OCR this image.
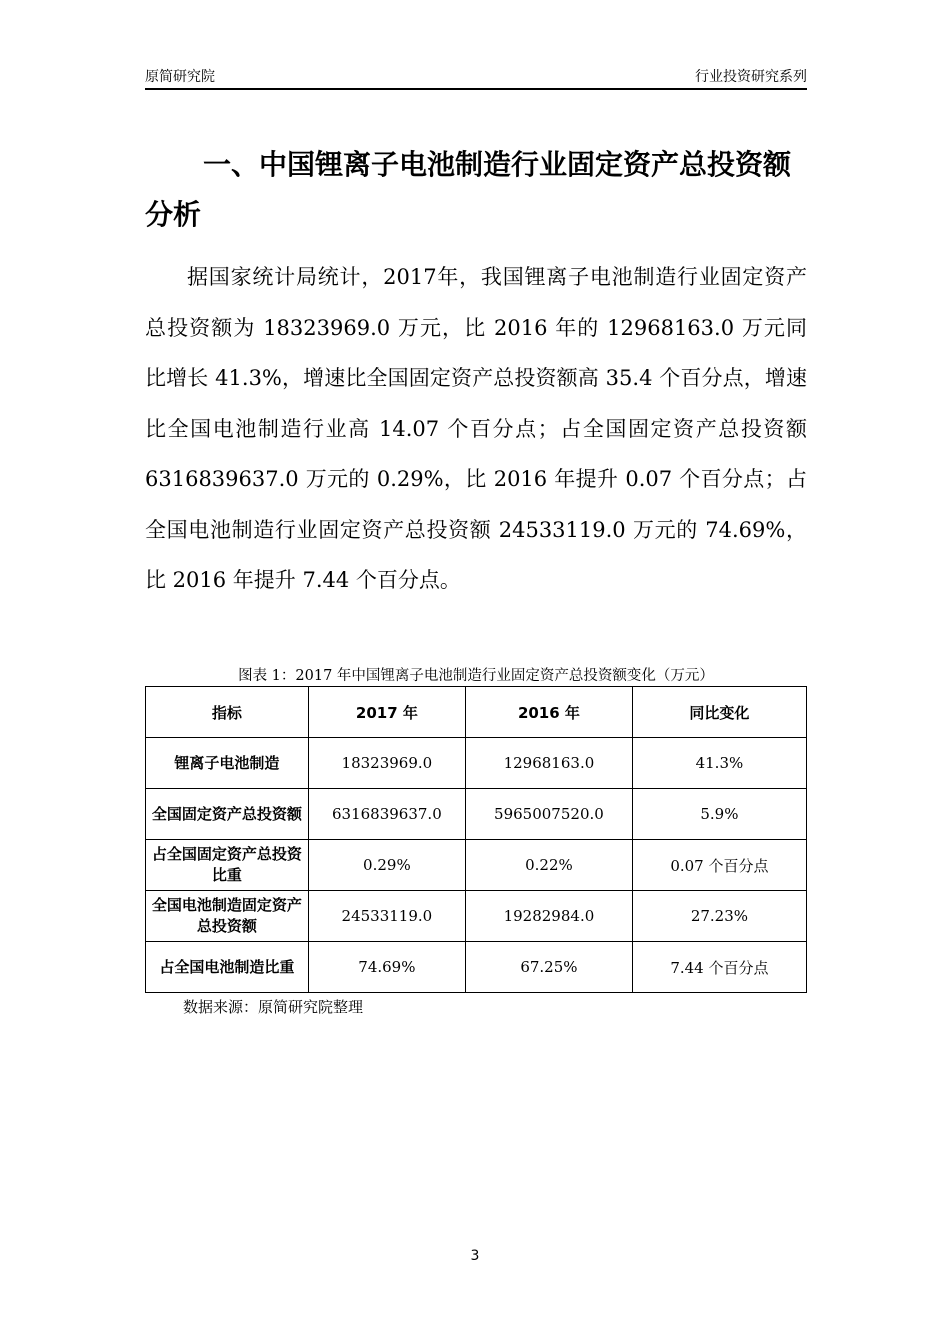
原简研究院	行业投资研究系列
一、中国锂离子电池制造行业固定资产总投资额分析
据国家统计局统计，2017年，我国锂离子电池制造行业固定资产总投资额为 18323969.0 万元，比 2016 年的 12968163.0 万元同比增长 41.3%，增速比全国固定资产总投资额高 35.4 个百分点，增速比全国电池制造行业高 14.07 个百分点；占全国固定资产总投资额 6316839637.0 万元的 0.29%，比 2016 年提升 0.07 个百分点；占全国电池制造行业固定资产总投资额 24533119.0 万元的 74.69%，比 2016 年提升 7.44 个百分点。
图表 1：2017 年中国锂离子电池制造行业固定资产总投资额变化（万元）
指标	2017 年	2016 年	同比变化
锂离子电池制造	18323969.0	12968163.0	41.3%
全国固定资产总投资额	6316839637.0	5965007520.0	5.9%
占全国固定资产总投资比重	0.29%	0.22%	0.07 个百分点
全国电池制造固定资产总投资额	24533119.0	19282984.0	27.23%
占全国电池制造比重	74.69%	67.25%	7.44 个百分点
数据来源：原简研究院整理
3
